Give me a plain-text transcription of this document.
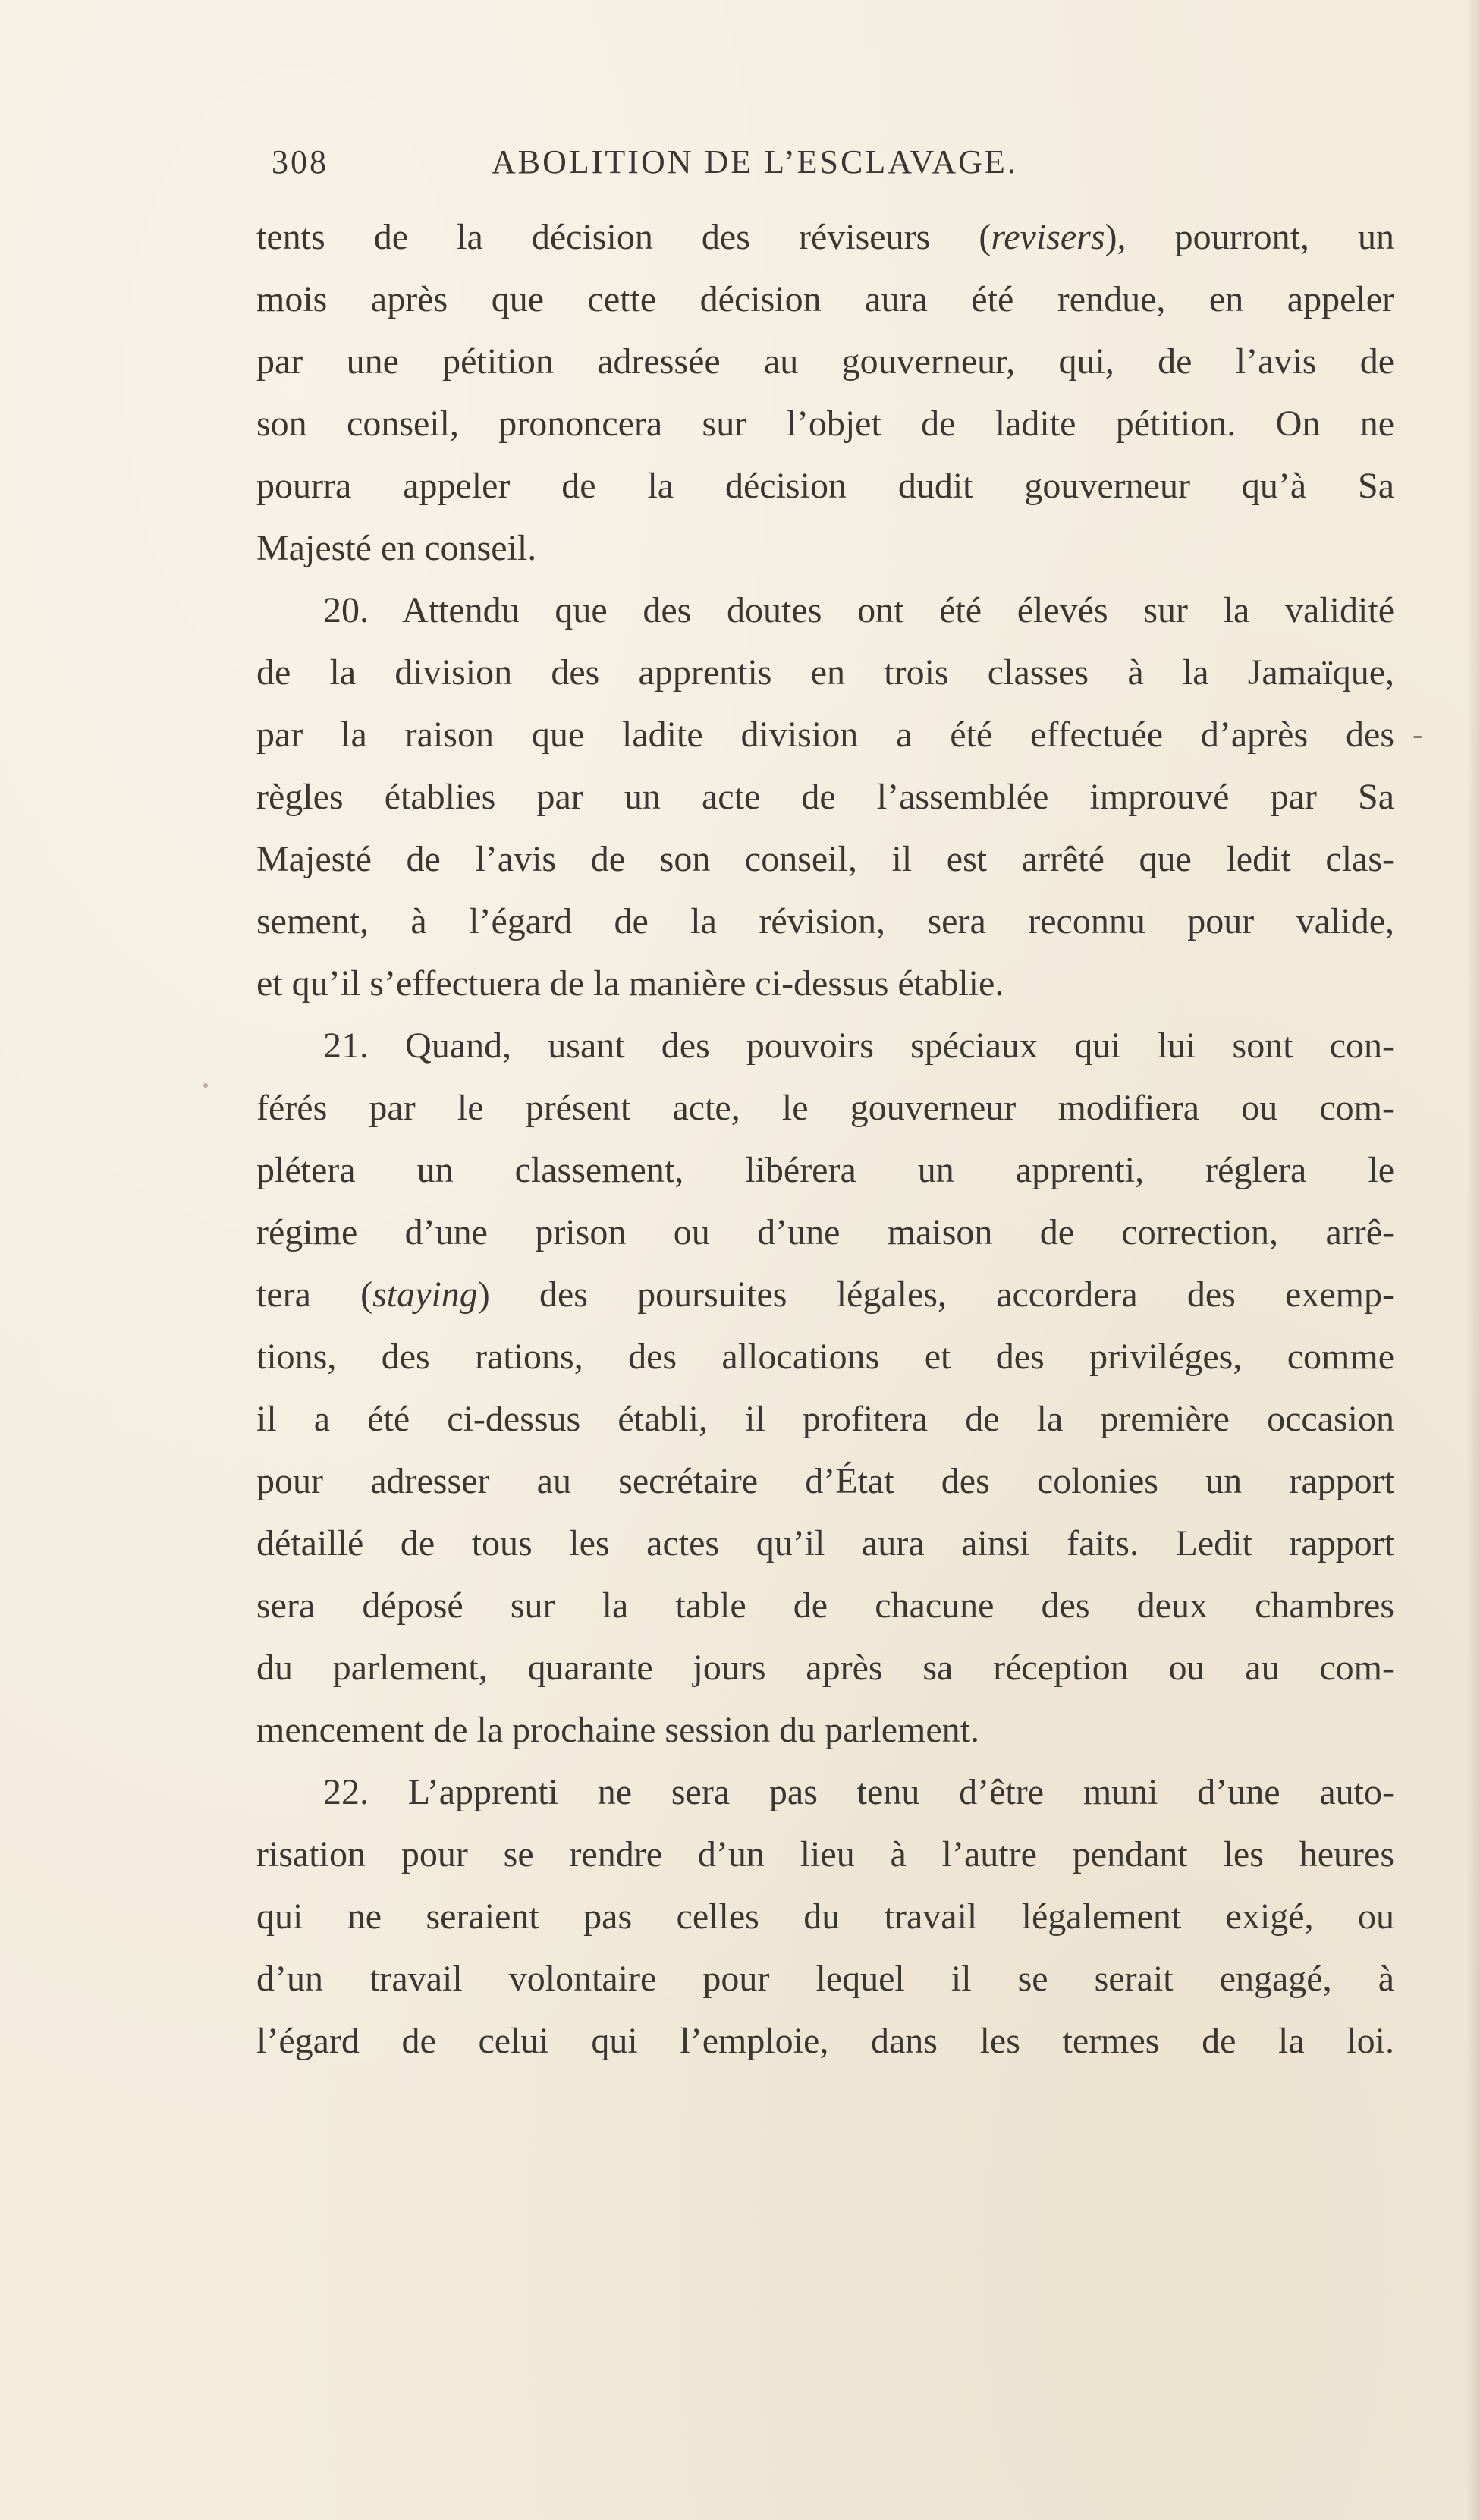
308	ABOLITION DE L’ESCLAVAGE.
tents de la décision des réviseurs (revisers), pourront, un
mois après que cette décision aura été rendue, en appeler
par une pétition adressée au gouverneur, qui, de l’avis de
son conseil, prononcera sur l’objet de ladite pétition. On ne
pourra appeler de la décision dudit gouverneur qu’à Sa
Majesté en conseil.
20. Attendu que des doutes ont été élevés sur la validité
de la division des apprentis en trois classes à la Jamaïque,
par la raison que ladite division a été effectuée d’après des
règles établies par un acte de l’assemblée improuvé par Sa
Majesté de l’avis de son conseil, il est arrêté que ledit clas-
sement, à l’égard de la révision, sera reconnu pour valide,
et qu’il s’effectuera de la manière ci-dessus établie.
21. Quand, usant des pouvoirs spéciaux qui lui sont con-
férés par le présent acte, le gouverneur modifiera ou com-
plétera un classement, libérera un apprenti, réglera le
régime d’une prison ou d’une maison de correction, arrê-
tera (staying) des poursuites légales, accordera des exemp-
tions, des rations, des allocations et des priviléges, comme
il a été ci-dessus établi, il profitera de la première occasion
pour adresser au secrétaire d’État des colonies un rapport
détaillé de tous les actes qu’il aura ainsi faits. Ledit rapport
sera déposé sur la table de chacune des deux chambres
du parlement, quarante jours après sa réception ou au com-
mencement de la prochaine session du parlement.
22. L’apprenti ne sera pas tenu d’être muni d’une auto-
risation pour se rendre d’un lieu à l’autre pendant les heures
qui ne seraient pas celles du travail légalement exigé, ou
d’un travail volontaire pour lequel il se serait engagé, à
l’égard de celui qui l’emploie, dans les termes de la loi.
-
